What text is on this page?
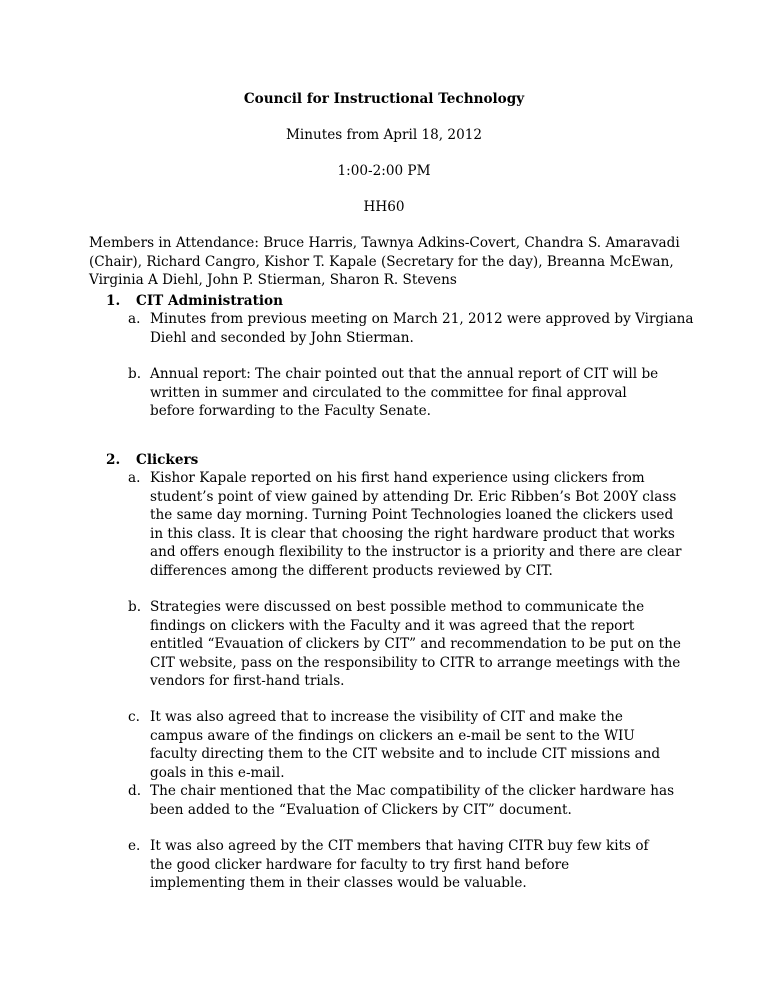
Council for Instructional Technology
Minutes from April 18, 2012
1:00-2:00 PM
HH60
Members in Attendance: Bruce Harris, Tawnya Adkins-Covert, Chandra S. Amaravadi (Chair), Richard Cangro, Kishor T. Kapale (Secretary for the day), Breanna McEwan, Virginia A Diehl, John P. Stierman, Sharon R. Stevens
1. CIT Administration
a. Minutes from previous meeting on March 21, 2012 were approved by Virgiana Diehl and seconded by John Stierman.
b. Annual report: The chair pointed out that the annual report of CIT will be written in summer and circulated to the committee for final approval before forwarding to the Faculty Senate.
2. Clickers
a. Kishor Kapale reported on his first hand experience using clickers from student’s point of view gained by attending Dr. Eric Ribben’s Bot 200Y class the same day morning. Turning Point Technologies loaned the clickers used in this class. It is clear that choosing the right hardware product that works and offers enough flexibility to the instructor is a priority and there are clear differences among the different products reviewed by CIT.
b. Strategies were discussed on best possible method to communicate the findings on clickers with the Faculty and it was agreed that the report entitled “Evauation of clickers by CIT” and recommendation to be put on the CIT website, pass on the responsibility to CITR to arrange meetings with the vendors for first-hand trials.
c. It was also agreed that to increase the visibility of CIT and make the campus aware of the findings on clickers an e-mail be sent to the WIU faculty directing them to the CIT website and to include CIT missions and goals in this e-mail.
d. The chair mentioned that the Mac compatibility of the clicker hardware has been added to the “Evaluation of Clickers by CIT” document.
e. It was also agreed by the CIT members that having CITR buy few kits of the good clicker hardware for faculty to try first hand before implementing them in their classes would be valuable.
